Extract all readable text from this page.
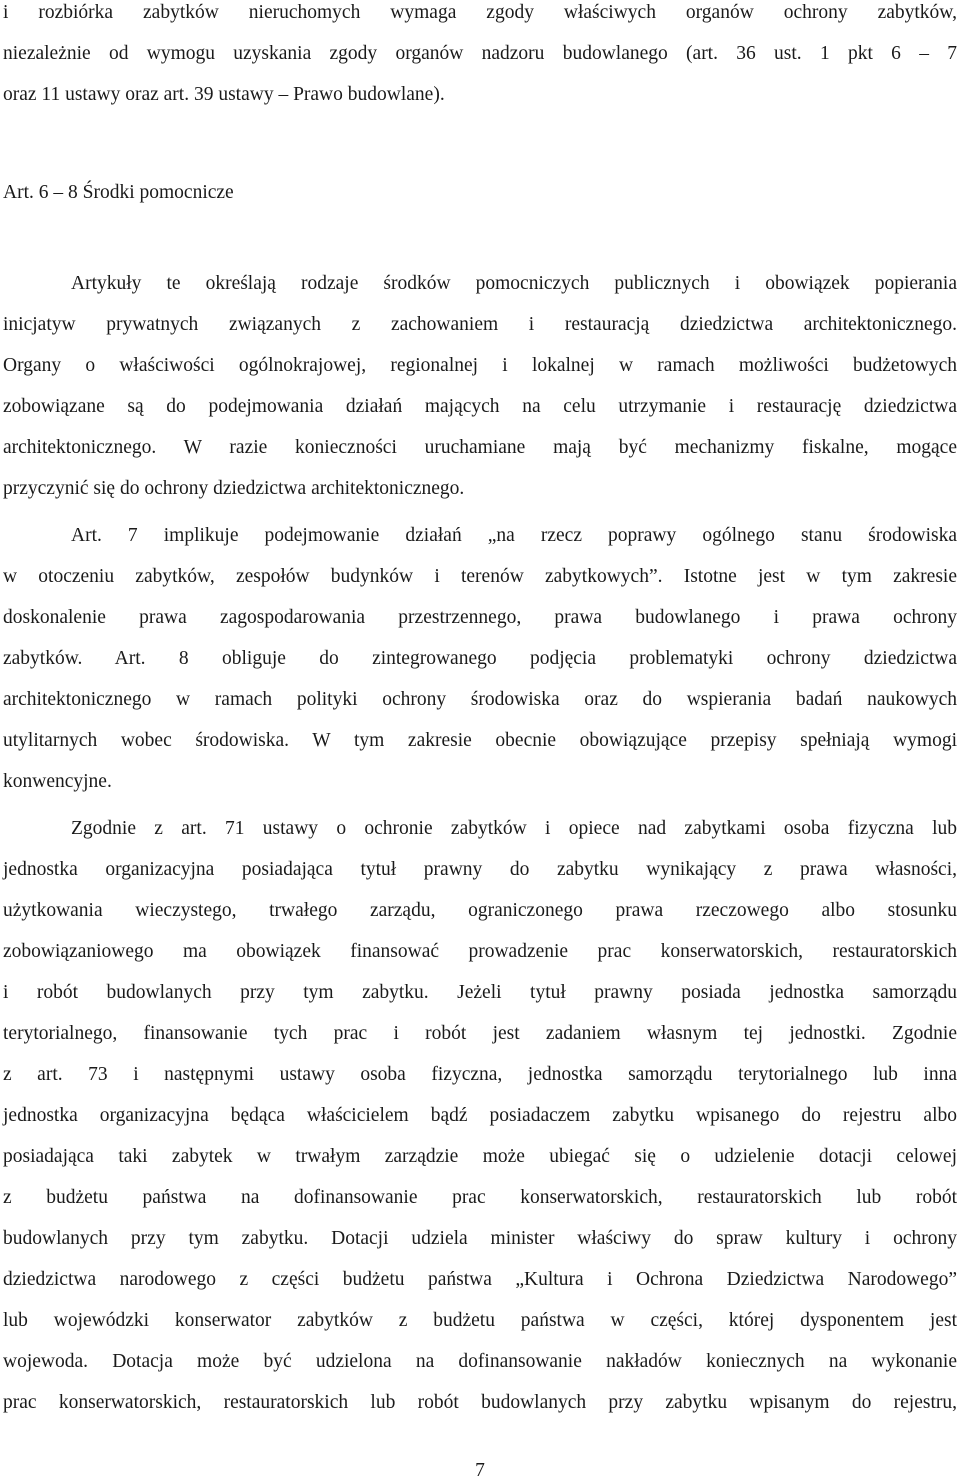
i rozbiórka zabytków nieruchomych wymaga zgody właściwych organów ochrony zabytków,
niezależnie od wymogu uzyskania zgody organów nadzoru budowlanego (art. 36 ust. 1 pkt 6 – 7
oraz 11 ustawy oraz art. 39 ustawy – Prawo budowlane).
Art. 6 – 8 Środki pomocnicze
Artykuły te określają rodzaje środków pomocniczych publicznych i obowiązek popierania
inicjatyw prywatnych związanych z zachowaniem i restauracją dziedzictwa architektonicznego.
Organy o właściwości ogólnokrajowej, regionalnej i lokalnej w ramach możliwości budżetowych
zobowiązane są do podejmowania działań mających na celu utrzymanie i restaurację dziedzictwa
architektonicznego. W razie konieczności uruchamiane mają być mechanizmy fiskalne, mogące
przyczynić się do ochrony dziedzictwa architektonicznego.
Art. 7 implikuje podejmowanie działań „na rzecz poprawy ogólnego stanu środowiska
w otoczeniu zabytków, zespołów budynków i terenów zabytkowych”. Istotne jest w tym zakresie
doskonalenie prawa zagospodarowania przestrzennego, prawa budowlanego i prawa ochrony
zabytków. Art. 8 obliguje do zintegrowanego podjęcia problematyki ochrony dziedzictwa
architektonicznego w ramach polityki ochrony środowiska oraz do wspierania badań naukowych
utylitarnych wobec środowiska. W tym zakresie obecnie obowiązujące przepisy spełniają wymogi
konwencyjne.
Zgodnie z art. 71 ustawy o ochronie zabytków i opiece nad zabytkami osoba fizyczna lub
jednostka organizacyjna posiadająca tytuł prawny do zabytku wynikający z prawa własności,
użytkowania wieczystego, trwałego zarządu, ograniczonego prawa rzeczowego albo stosunku
zobowiązaniowego ma obowiązek finansować prowadzenie prac konserwatorskich, restauratorskich
i robót budowlanych przy tym zabytku. Jeżeli tytuł prawny posiada jednostka samorządu
terytorialnego, finansowanie tych prac i robót jest zadaniem własnym tej jednostki. Zgodnie
z art. 73 i następnymi ustawy osoba fizyczna, jednostka samorządu terytorialnego lub inna
jednostka organizacyjna będąca właścicielem bądź posiadaczem zabytku wpisanego do rejestru albo
posiadająca taki zabytek w trwałym zarządzie może ubiegać się o udzielenie dotacji celowej
z budżetu państwa na dofinansowanie prac konserwatorskich, restauratorskich lub robót
budowlanych przy tym zabytku. Dotacji udziela minister właściwy do spraw kultury i ochrony
dziedzictwa narodowego z części budżetu państwa „Kultura i Ochrona Dziedzictwa Narodowego”
lub wojewódzki konserwator zabytków z budżetu państwa w części, której dysponentem jest
wojewoda. Dotacja może być udzielona na dofinansowanie nakładów koniecznych na wykonanie
prac konserwatorskich, restauratorskich lub robót budowlanych przy zabytku wpisanym do rejestru,
7
